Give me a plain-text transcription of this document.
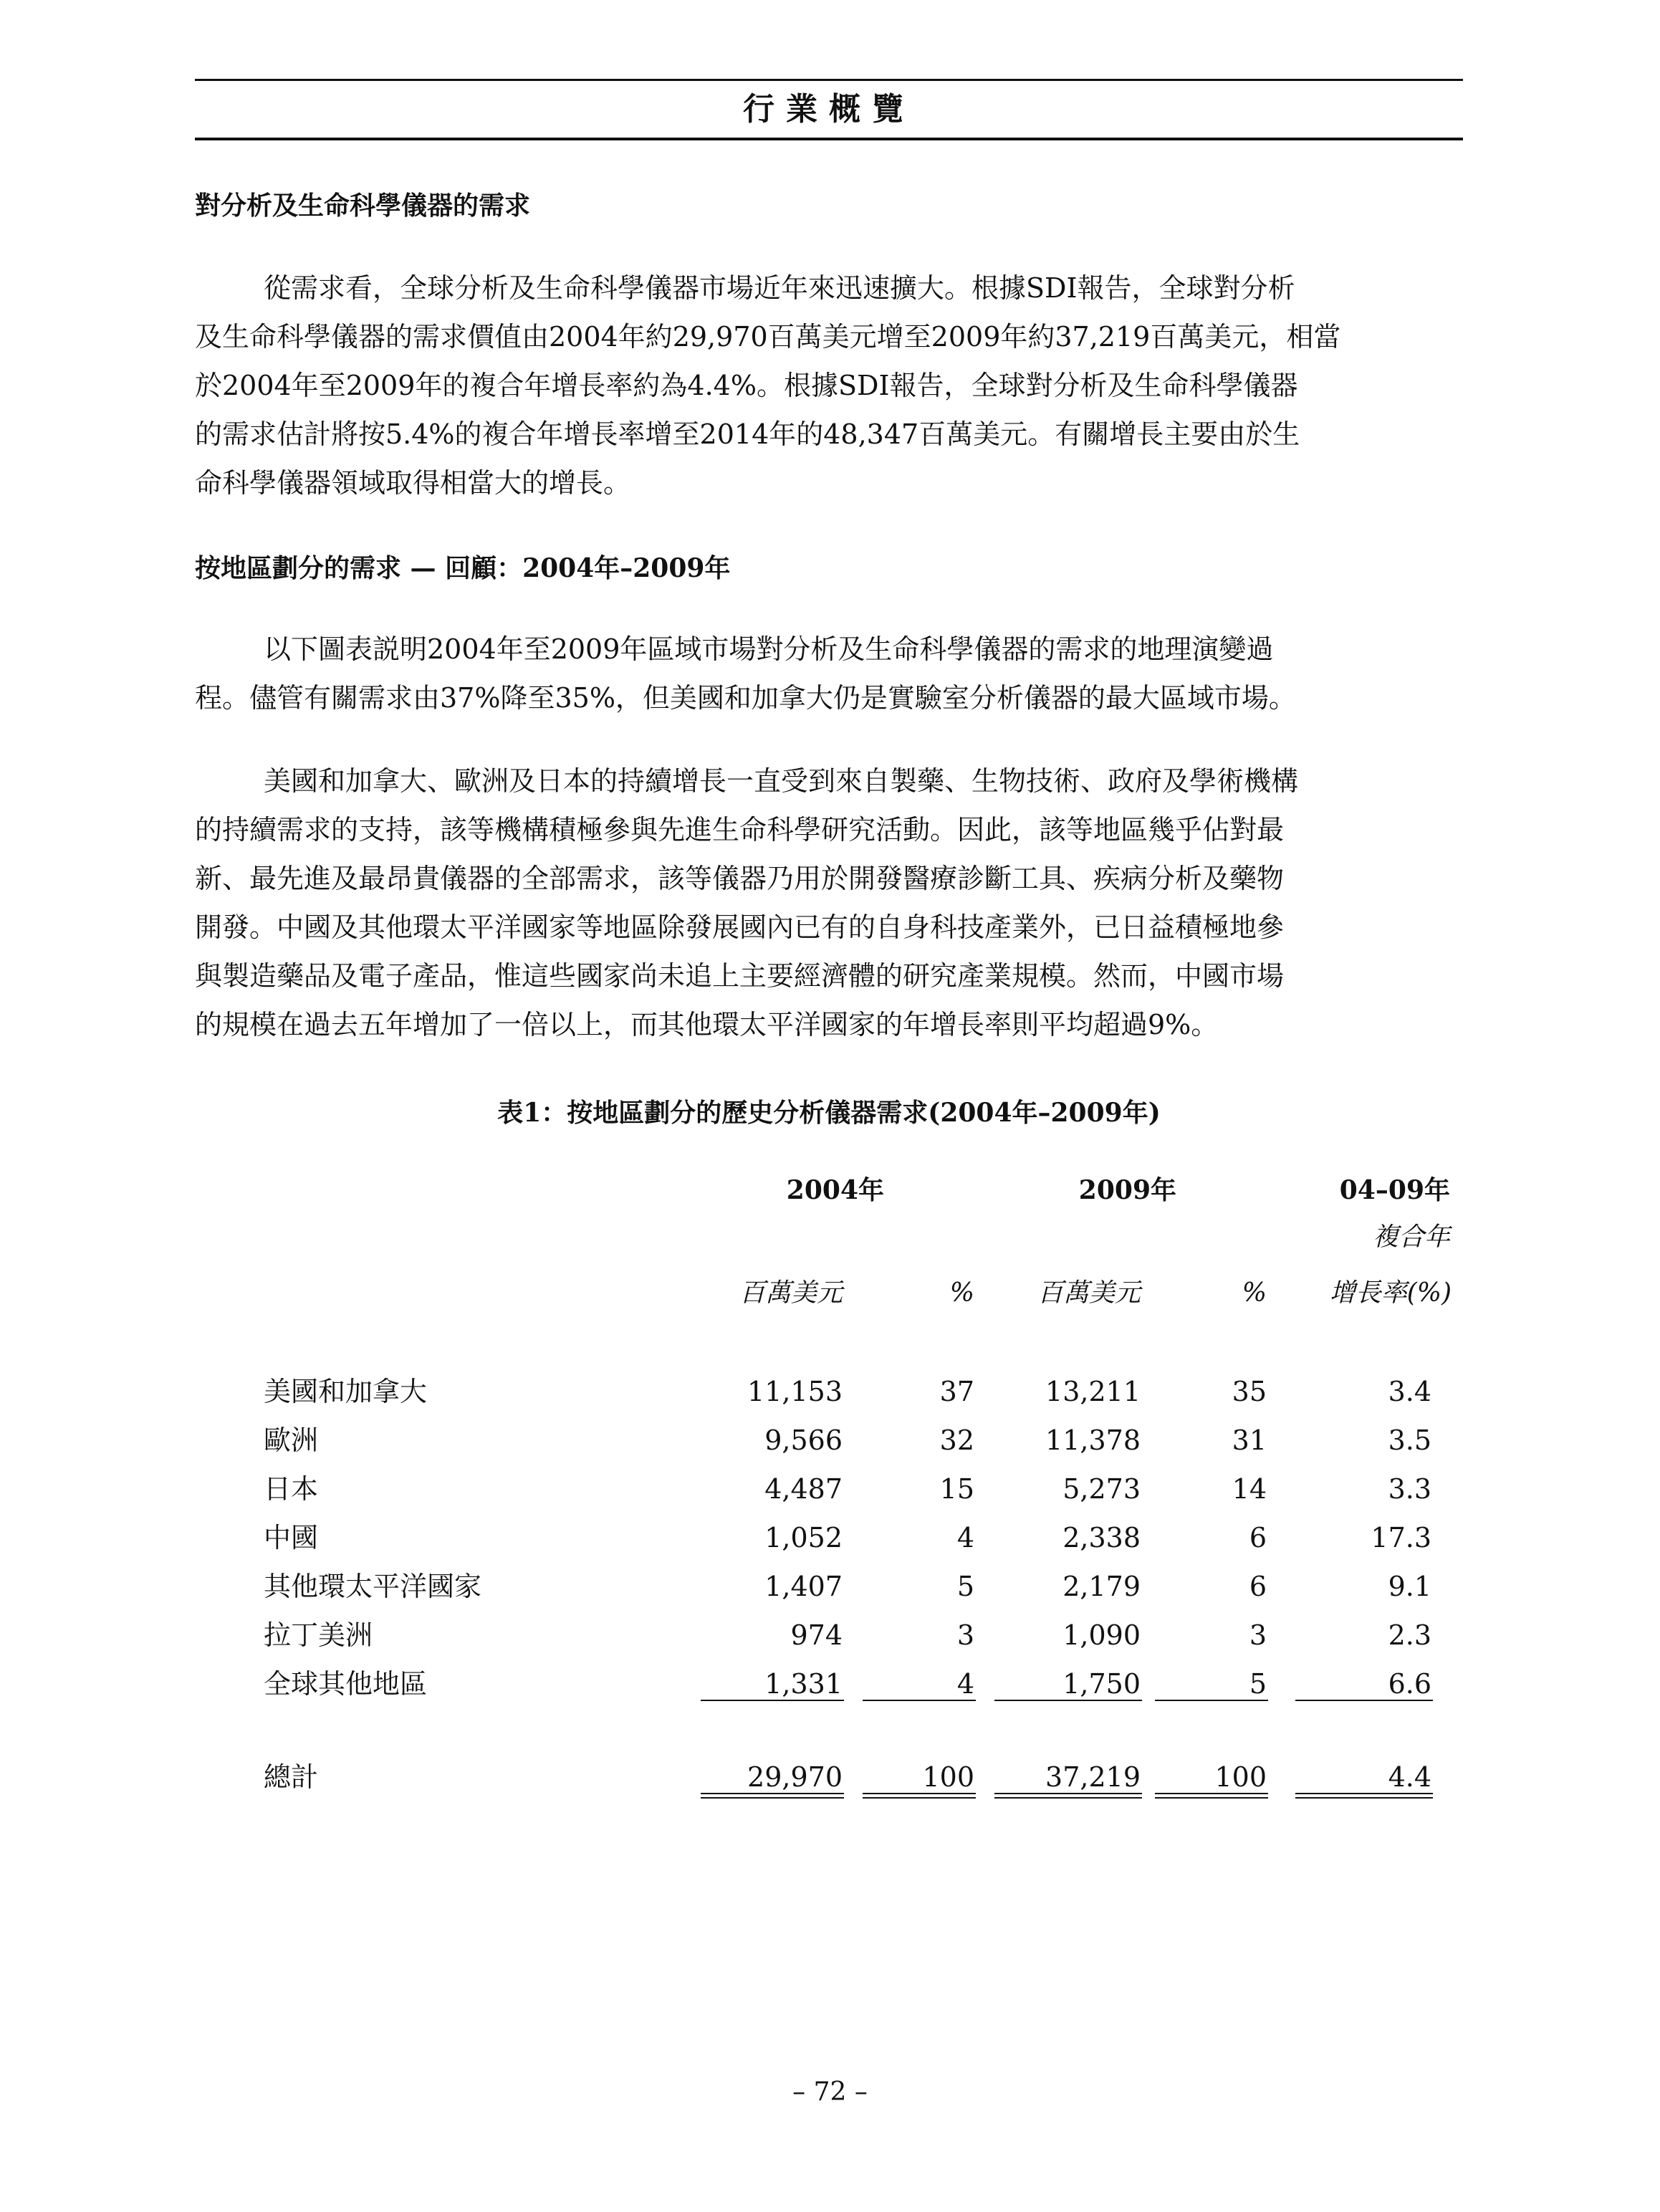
行業概覽
對分析及生命科學儀器的需求
從需求看，全球分析及生命科學儀器市場近年來迅速擴大。根據SDI報告，全球對分析
及生命科學儀器的需求價值由2004年約29,970百萬美元增至2009年約37,219百萬美元，相當
於2004年至2009年的複合年增長率約為4.4%。根據SDI報告，全球對分析及生命科學儀器
的需求估計將按5.4%的複合年增長率增至2014年的48,347百萬美元。有關增長主要由於生
命科學儀器領域取得相當大的增長。
按地區劃分的需求 — 回顧：2004年–2009年
以下圖表説明2004年至2009年區域市場對分析及生命科學儀器的需求的地理演變過
程。儘管有關需求由37%降至35%，但美國和加拿大仍是實驗室分析儀器的最大區域市場。
美國和加拿大、歐洲及日本的持續增長一直受到來自製藥、生物技術、政府及學術機構
的持續需求的支持，該等機構積極參與先進生命科學研究活動。因此，該等地區幾乎佔對最
新、最先進及最昂貴儀器的全部需求，該等儀器乃用於開發醫療診斷工具、疾病分析及藥物
開發。中國及其他環太平洋國家等地區除發展國內已有的自身科技產業外，已日益積極地參
與製造藥品及電子產品，惟這些國家尚未追上主要經濟體的研究產業規模。然而，中國市場
的規模在過去五年增加了一倍以上，而其他環太平洋國家的年增長率則平均超過9%。
表1：按地區劃分的歷史分析儀器需求(2004年–2009年)
2004年	2009年	04–09年
複合年
百萬美元	%	百萬美元	%	增長率(%)
美國和加拿大	11,153	37	13,211	35	3.4
歐洲	9,566	32	11,378	31	3.5
日本	4,487	15	5,273	14	3.3
中國	1,052	4	2,338	6	17.3
其他環太平洋國家	1,407	5	2,179	6	9.1
拉丁美洲	974	3	1,090	3	2.3
全球其他地區	1,331	4	1,750	5	6.6
總計	29,970	100	37,219	100	4.4
– 72 –
